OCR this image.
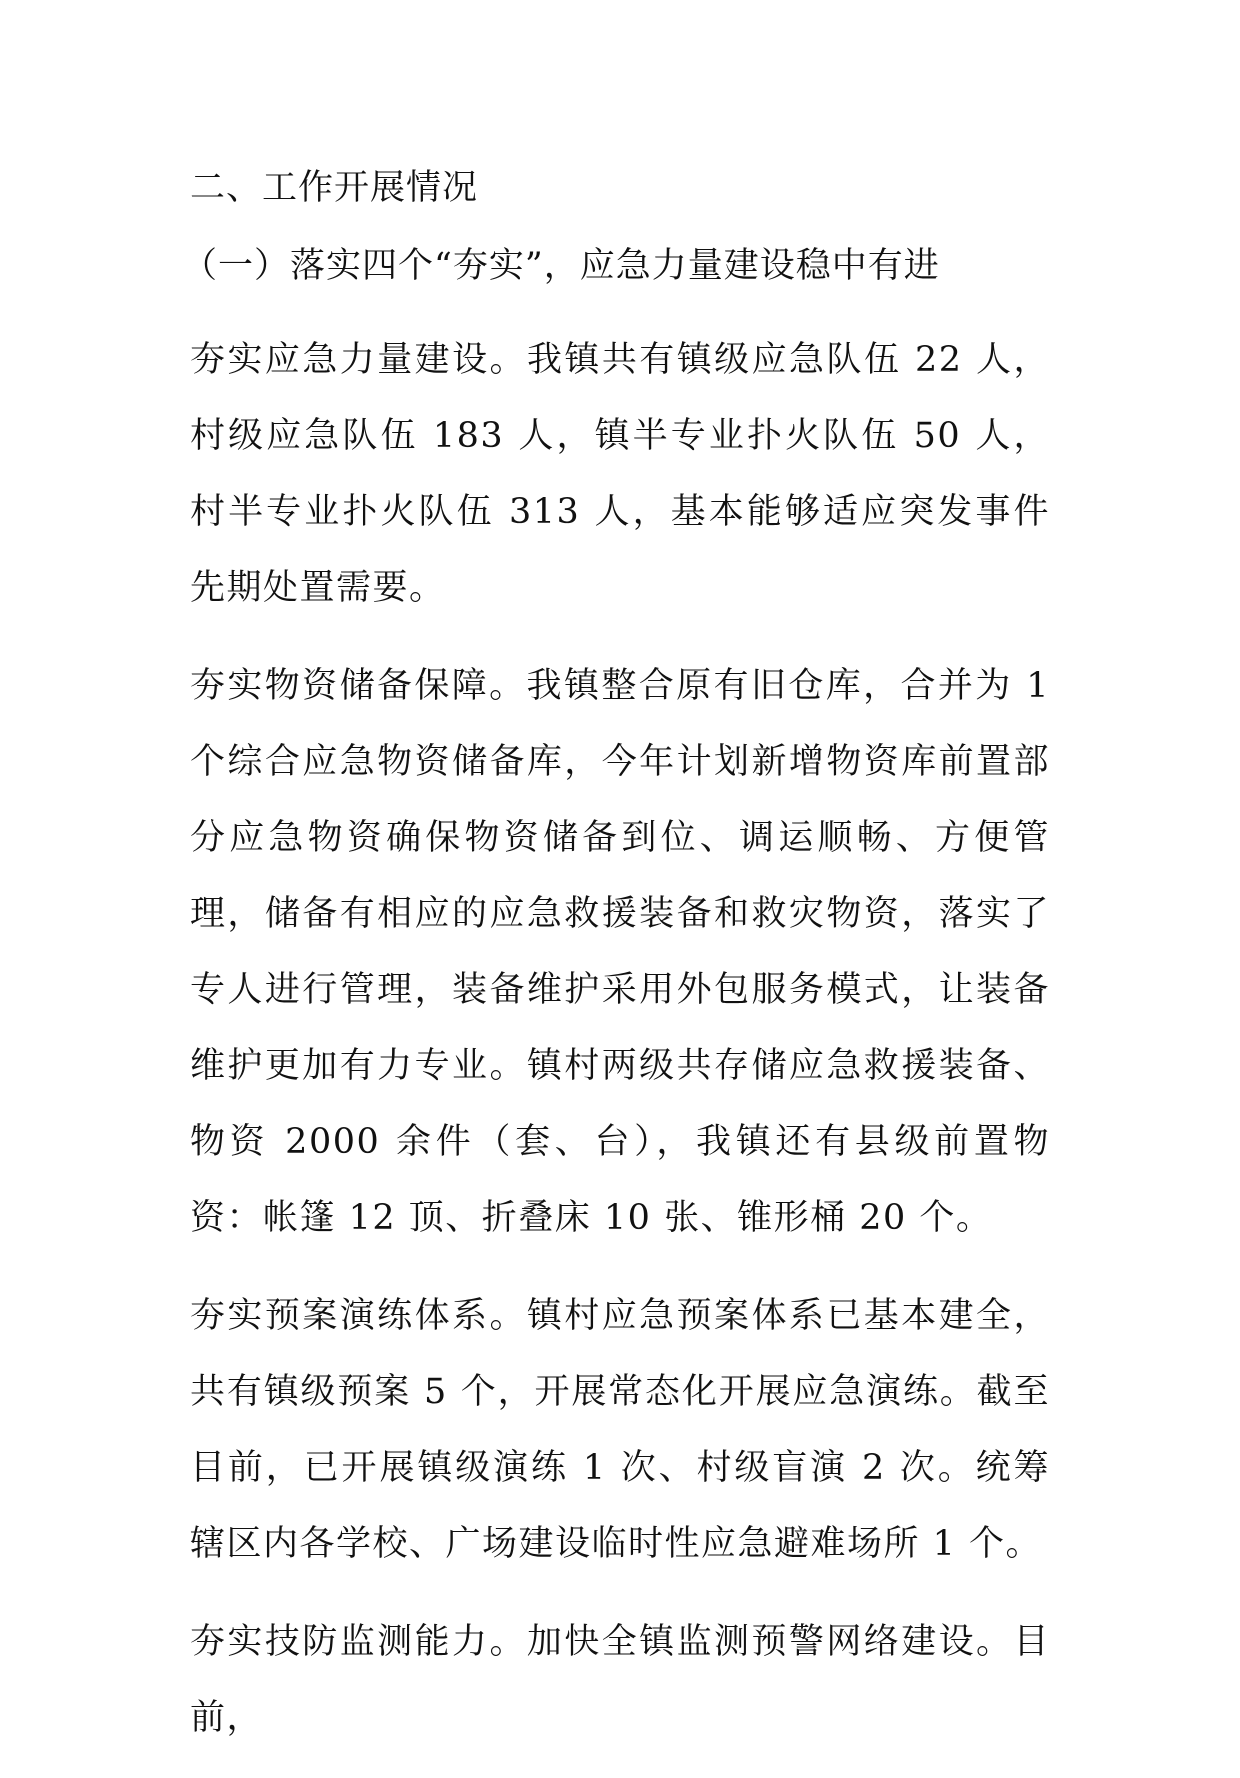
二、工作开展情况

（一）落实四个“夯实”，应急力量建设稳中有进

夯实应急力量建设。我镇共有镇级应急队伍 22 人，村级应急队伍 183 人，镇半专业扑火队伍 50 人，村半专业扑火队伍 313 人，基本能够适应突发事件先期处置需要。

夯实物资储备保障。我镇整合原有旧仓库，合并为 1 个综合应急物资储备库，今年计划新增物资库前置部分应急物资确保物资储备到位、调运顺畅、方便管理，储备有相应的应急救援装备和救灾物资，落实了专人进行管理，装备维护采用外包服务模式，让装备维护更加有力专业。镇村两级共存储应急救援装备、物资 2000 余件（套、台），我镇还有县级前置物资：帐篷 12 顶、折叠床 10 张、锥形桶 20 个。

夯实预案演练体系。镇村应急预案体系已基本建全，共有镇级预案 5 个，开展常态化开展应急演练。截至目前，已开展镇级演练 1 次、村级盲演 2 次。统筹辖区内各学校、广场建设临时性应急避难场所 1 个。

夯实技防监测能力。加快全镇监测预警网络建设。目前，
